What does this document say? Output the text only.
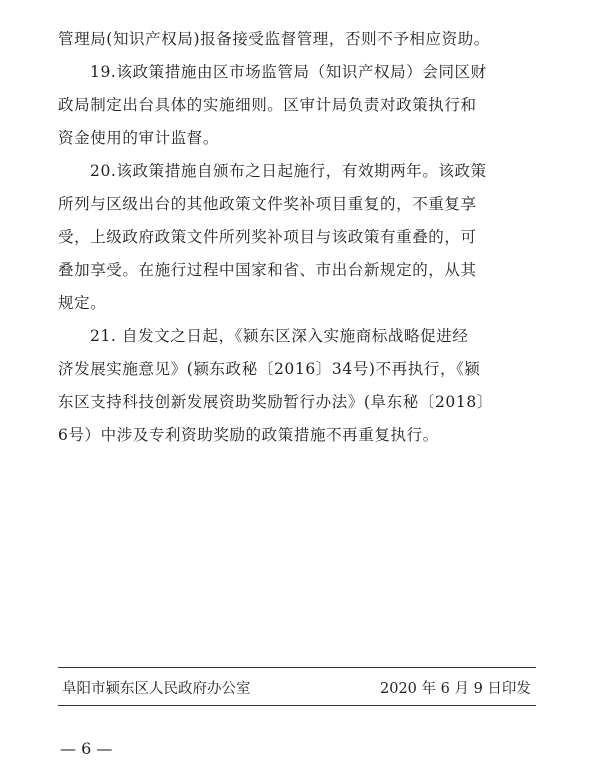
管理局(知识产权局)报备接受监督管理，否则不予相应资助。
19.该政策措施由区市场监管局（知识产权局）会同区财
政局制定出台具体的实施细则。区审计局负责对政策执行和
资金使用的审计监督。
20.该政策措施自颁布之日起施行，有效期两年。该政策
所列与区级出台的其他政策文件奖补项目重复的，不重复享
受，上级政府政策文件所列奖补项目与该政策有重叠的，可
叠加享受。在施行过程中国家和省、市出台新规定的，从其
规定。
21. 自发文之日起，《颍东区深入实施商标战略促进经
济发展实施意见》(颍东政秘〔2016〕34号)不再执行，《颍
东区支持科技创新发展资助奖励暂行办法》(阜东秘〔2018〕
6号）中涉及专利资助奖励的政策措施不再重复执行。
阜阳市颍东区人民政府办公室	2020 年 6 月 9 日印发
— 6 —
